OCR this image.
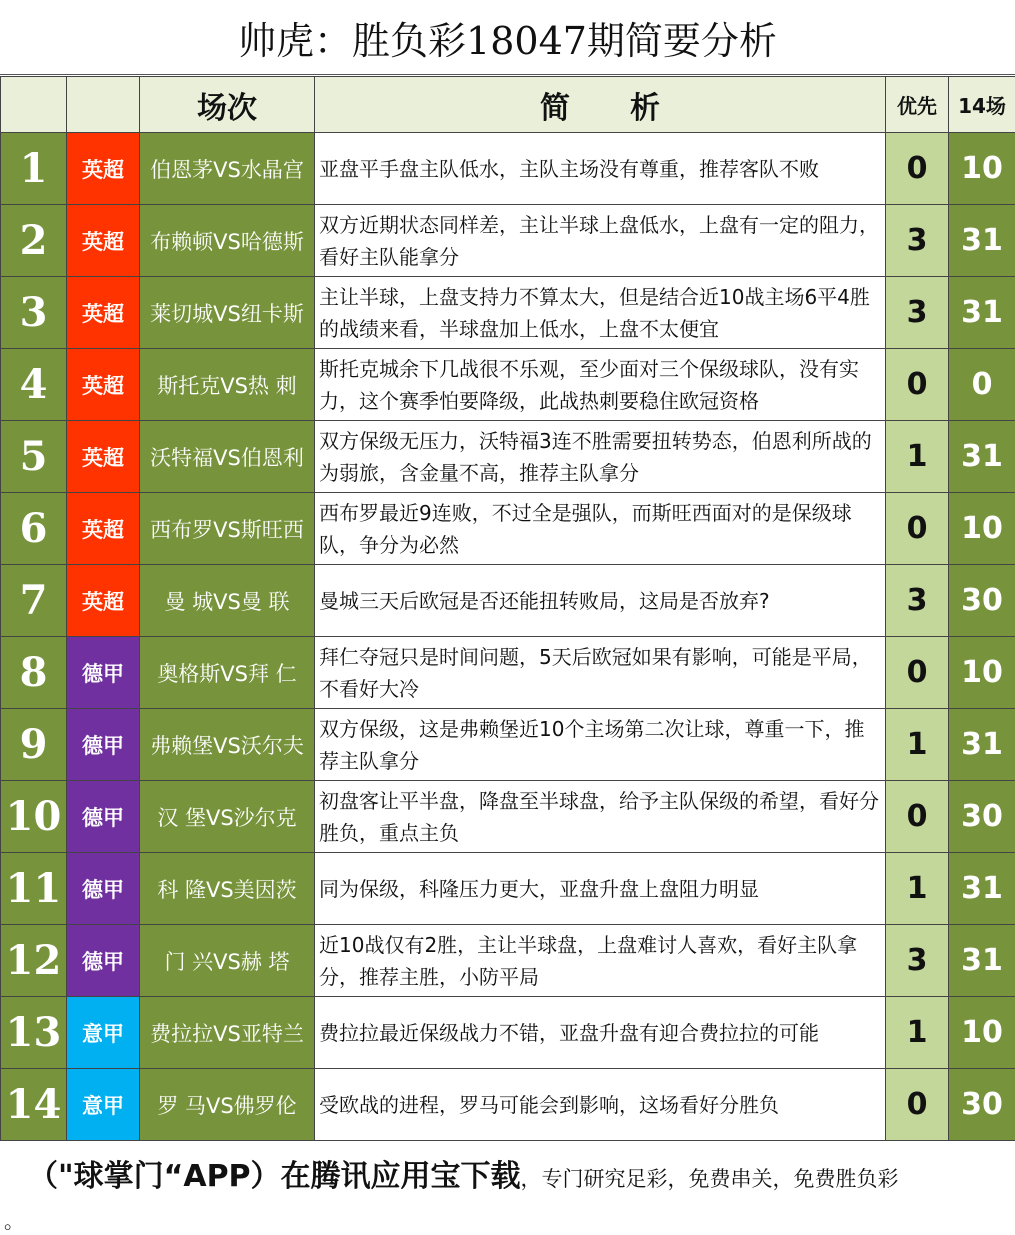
帅虎：胜负彩18047期简要分析
		场次	简　　析	优先	14场
1	英超	伯恩茅VS水晶宫	亚盘平手盘主队低水，主队主场没有尊重，推荐客队不败	0	10
2	英超	布赖顿VS哈德斯	双方近期状态同样差，主让半球上盘低水，上盘有一定的阻力，看好主队能拿分	3	31
3	英超	莱切城VS纽卡斯	主让半球，上盘支持力不算太大，但是结合近10战主场6平4胜的战绩来看，半球盘加上低水，上盘不太便宜	3	31
4	英超	斯托克VS热 刺	斯托克城余下几战很不乐观，至少面对三个保级球队，没有实力，这个赛季怕要降级，此战热刺要稳住欧冠资格	0	0
5	英超	沃特福VS伯恩利	双方保级无压力，沃特福3连不胜需要扭转势态，伯恩利所战的为弱旅，含金量不高，推荐主队拿分	1	31
6	英超	西布罗VS斯旺西	西布罗最近9连败，不过全是强队，而斯旺西面对的是保级球队，争分为必然	0	10
7	英超	曼 城VS曼 联	曼城三天后欧冠是否还能扭转败局，这局是否放弃?	3	30
8	德甲	奥格斯VS拜 仁	拜仁夺冠只是时间问题，5天后欧冠如果有影响，可能是平局，不看好大冷	0	10
9	德甲	弗赖堡VS沃尔夫	双方保级，这是弗赖堡近10个主场第二次让球，尊重一下，推荐主队拿分	1	31
10	德甲	汉 堡VS沙尔克	初盘客让平半盘，降盘至半球盘，给予主队保级的希望，看好分胜负，重点主负	0	30
11	德甲	科 隆VS美因茨	同为保级，科隆压力更大，亚盘升盘上盘阻力明显	1	31
12	德甲	门 兴VS赫 塔	近10战仅有2胜，主让半球盘，上盘难讨人喜欢，看好主队拿分，推荐主胜，小防平局	3	31
13	意甲	费拉拉VS亚特兰	费拉拉最近保级战力不错，亚盘升盘有迎合费拉拉的可能	1	10
14	意甲	罗 马VS佛罗伦	受欧战的进程，罗马可能会到影响，这场看好分胜负	0	30
（"球掌门“APP）在腾讯应用宝下载 ，专门研究足彩，免费串关，免费胜负彩
。
